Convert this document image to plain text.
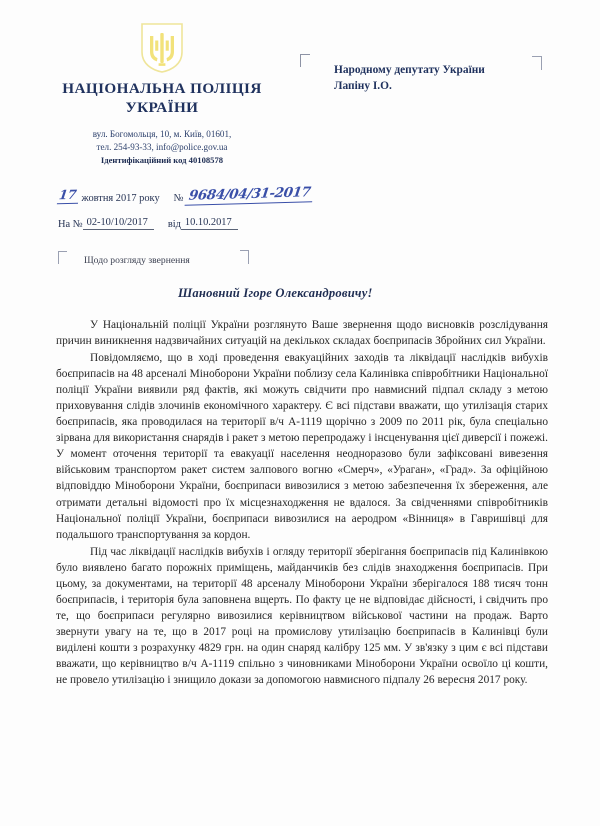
НАЦІОНАЛЬНА ПОЛІЦІЯ
УКРАЇНИ

вул. Богомольця, 10, м. Київ, 01601,
тел. 254-93-33, info@police.gov.ua
Ідентифікаційний код 40108578

Народному депутату України
Лапіну І.О.

17 жовтня 2017 року № 9684/04/31-2017
На № 02-10/10/2017	від 10.10.2017

Щодо розгляду звернення

Шановний Ігоре Олександровичу!

У Національній поліції України розглянуто Ваше звернення щодо висновків розслідування причин виникнення надзвичайних ситуацій на декількох складах боєприпасів Збройних сил України.

Повідомляємо, що в ході проведення евакуаційних заходів та ліквідації наслідків вибухів боєприпасів на 48 арсеналі Міноборони України поблизу села Калинівка співробітники Національної поліції України виявили ряд фактів, які можуть свідчити про навмисний підпал складу з метою приховування слідів злочинів економічного характеру. Є всі підстави вважати, що утилізація старих боєприпасів, яка проводилася на території в/ч А-1119 щорічно з 2009 по 2011 рік, була спеціально зірвана для використання снарядів і ракет з метою перепродажу і інсценування цієї диверсії і пожежі. У момент оточення території та евакуації населення неодноразово були зафіксовані вивезення військовим транспортом ракет систем залпового вогню «Смерч», «Ураган», «Град». За офіційною відповіддю Міноборони України, боєприпаси вивозилися з метою забезпечення їх збереження, але отримати детальні відомості про їх місцезнаходження не вдалося. За свідченнями співробітників Національної поліції України, боєприпаси вивозилися на аеродром «Вінниця» в Гавришівці для подальшого транспортування за кордон.

Під час ліквідації наслідків вибухів і огляду території зберігання боєприпасів під Калинівкою було виявлено багато порожніх приміщень, майданчиків без слідів знаходження боєприпасів. При цьому, за документами, на території 48 арсеналу Міноборони України зберігалося 188 тисяч тонн боєприпасів, і територія була заповнена вщерть. По факту це не відповідає дійсності, і свідчить про те, що боєприпаси регулярно вивозилися керівництвом військової частини на продаж. Варто звернути увагу на те, що в 2017 році на промислову утилізацію боєприпасів в Калинівці були виділені кошти з розрахунку 4829 грн. на один снаряд калібру 125 мм. У зв'язку з цим є всі підстави вважати, що керівництво в/ч А-1119 спільно з чиновниками Міноборони України освоїло ці кошти, не провело утилізацію і знищило докази за допомогою навмисного підпалу 26 вересня 2017 року.
